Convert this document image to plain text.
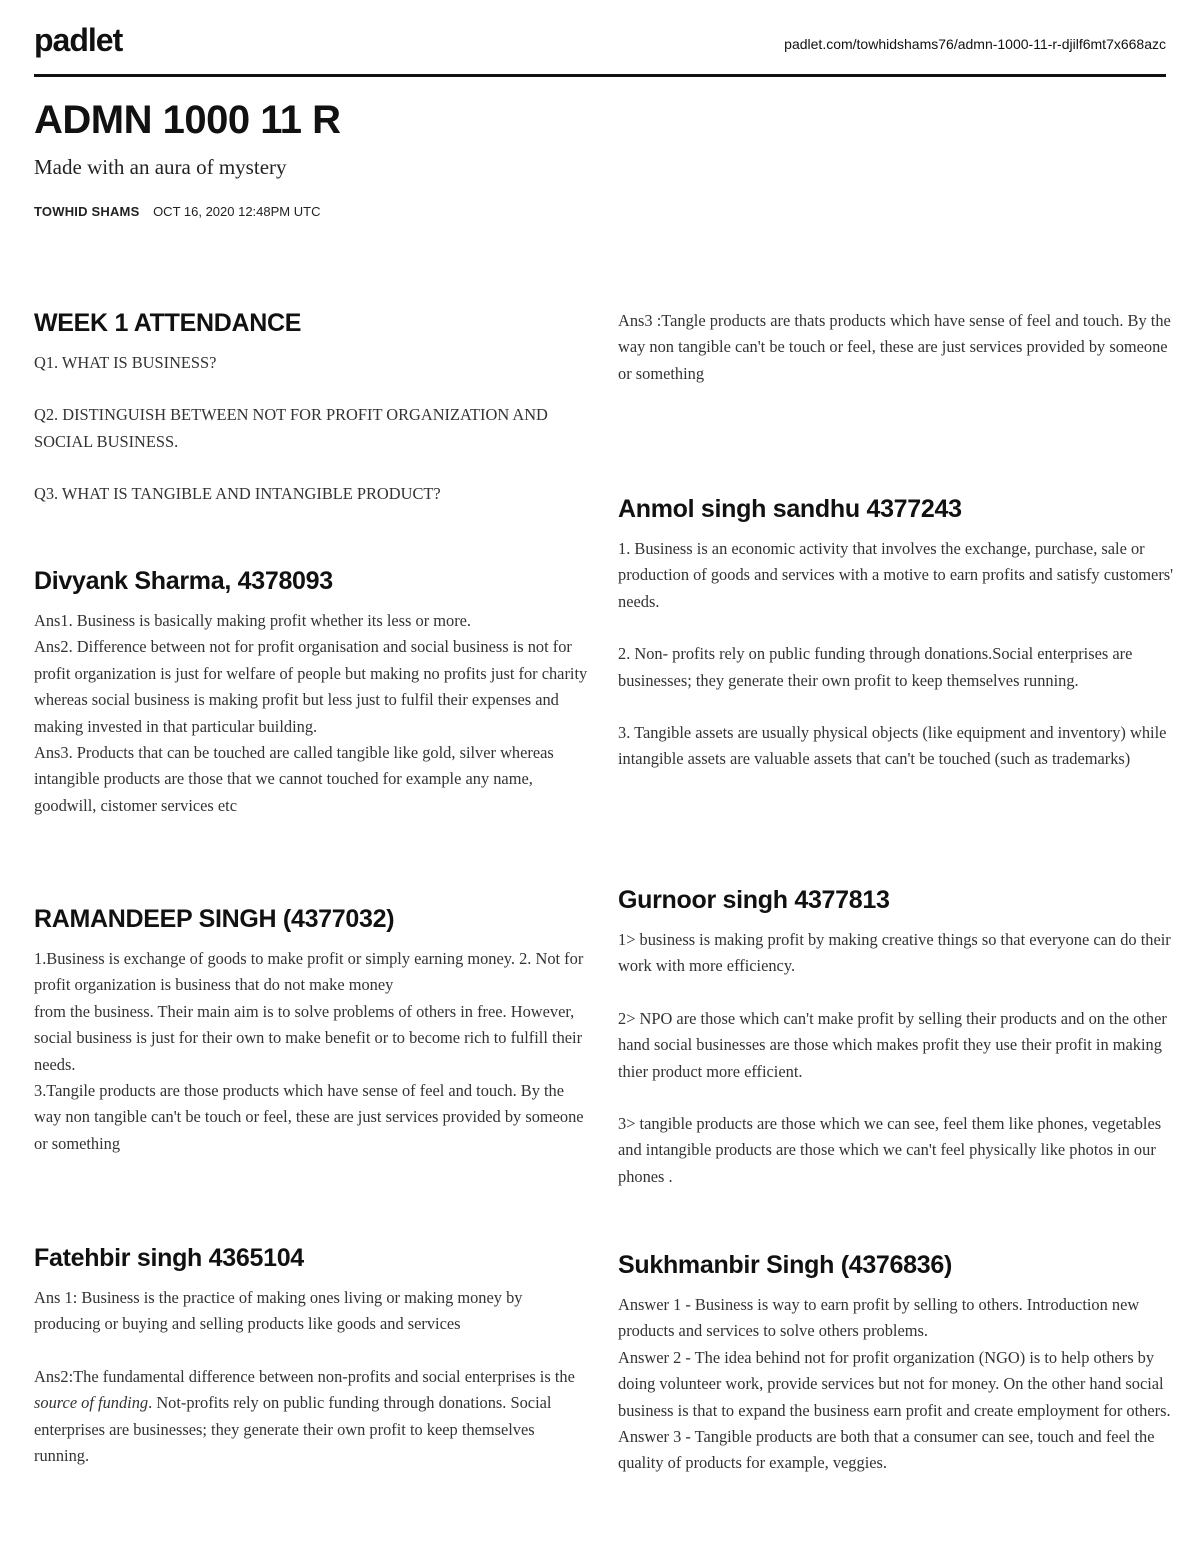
padlet	padlet.com/towhidshams76/admn-1000-11-r-djilf6mt7x668azc
ADMN 1000 11 R
Made with an aura of mystery
TOWHID SHAMS OCT 16, 2020 12:48PM UTC
WEEK 1 ATTENDANCE

Q1. WHAT IS BUSINESS?

Q2. DISTINGUISH BETWEEN NOT FOR PROFIT ORGANIZATION AND SOCIAL BUSINESS.

Q3. WHAT IS TANGIBLE AND INTANGIBLE PRODUCT?

Divyank Sharma, 4378093

Ans1. Business is basically making profit whether its less or more.

Ans2. Difference between not for profit organisation and social business is not for profit organization is just for welfare of people but making no profits just for charity whereas social business is making profit but less just to fulfil their expenses and making invested in that particular building.

Ans3. Products that can be touched are called tangible like gold, silver whereas intangible products are those that we cannot touched for example any name, goodwill, cistomer services etc

RAMANDEEP SINGH (4377032)

1.Business is exchange of goods to make profit or simply earning money. 2. Not for profit organization is business that do not make money

from the business. Their main aim is to solve problems of others in free. However, social business is just for their own to make benefit or to become rich to fulfill their needs.

3.Tangile products are those products which have sense of feel and touch. By the way non tangible can't be touch or feel, these are just services provided by someone or something

Fatehbir singh 4365104

Ans 1: Business is the practice of making ones living or making money by producing or buying and selling products like goods and services

Ans2:The fundamental difference between non-profits and social enterprises is the source of funding. Not-profits rely on public funding through donations. Social enterprises are businesses; they generate their own profit to keep themselves running.

Ans3 :Tangle products are thats products which have sense of feel and touch. By the way non tangible can't be touch or feel, these are just services provided by someone or something

Anmol singh sandhu 4377243

1. Business is an economic activity that involves the exchange, purchase, sale or production of goods and services with a motive to earn profits and satisfy customers' needs.

2. Non- profits rely on public funding through donations.Social enterprises are businesses; they generate their own profit to keep themselves running.

3. Tangible assets are usually physical objects (like equipment and inventory) while intangible assets are valuable assets that can't be touched (such as trademarks)

Gurnoor singh 4377813

1> business is making profit by making creative things so that everyone can do their work with more efficiency.

2> NPO are those which can't make profit by selling their products and on the other hand social businesses are those which makes profit they use their profit in making thier product more efficient.

3> tangible products are those which we can see, feel them like phones, vegetables and intangible products are those which we can't feel physically like photos in our phones .

Sukhmanbir Singh (4376836)

Answer 1 - Business is way to earn profit by selling to others. Introduction new products and services to solve others problems.

Answer 2 - The idea behind not for profit organization (NGO) is to help others by doing volunteer work, provide services but not for money. On the other hand social business is that to expand the business earn profit and create employment for others.

Answer 3 - Tangible products are both that a consumer can see, touch and feel the quality of products for example, veggies.
